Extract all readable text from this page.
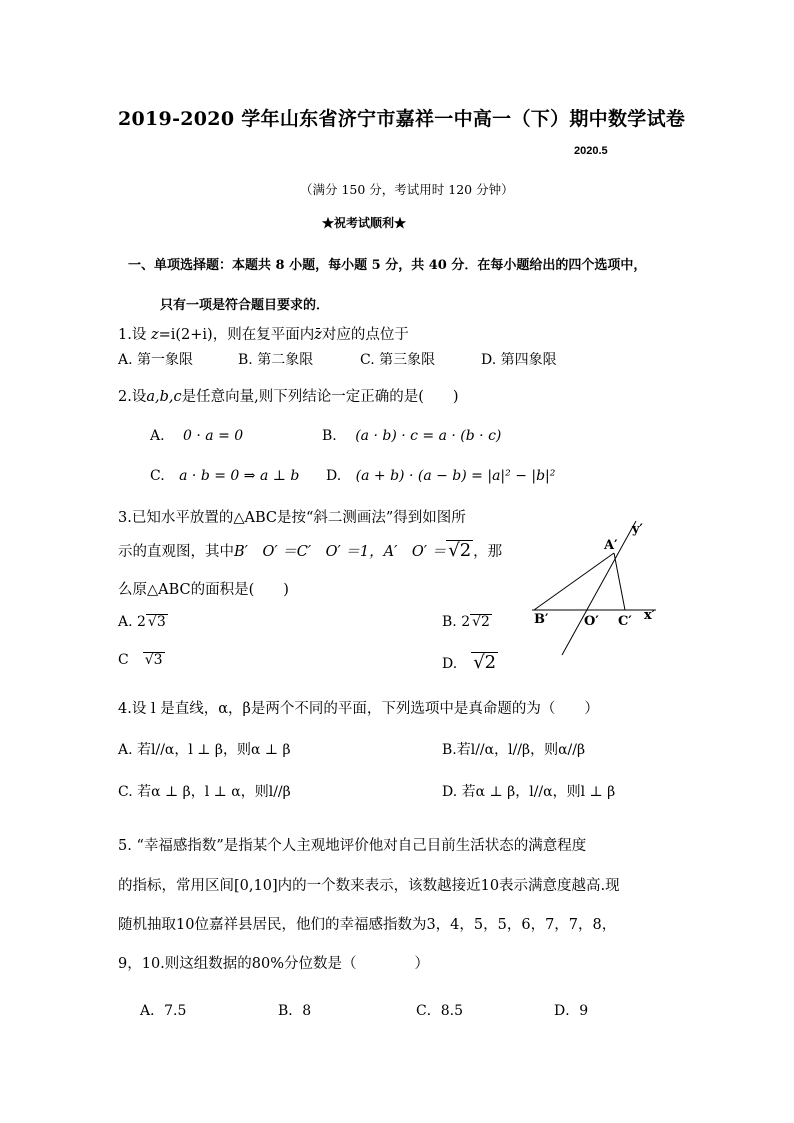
2019-2020 学年山东省济宁市嘉祥一中高一（下）期中数学试卷
2020.5
（满分 150 分，考试用时 120 分钟）
★祝考试顺利★
一、单项选择题：本题共 8 小题，每小题 5 分，共 40 分．在每小题给出的四个选项中，
只有一项是符合题目要求的．
1.设 z=i(2+i)，则在复平面内z对应的点位于
A. 第一象限	B. 第二象限	C. 第三象限	D. 第四象限
2.设a,b,c是任意向量,则下列结论一定正确的是(　　)
A. 0 · a = 0	B. (a · b) · c = a · (b · c)
C. a · b = 0 ⇒ a ⊥ b D. (a + b) · (a − b) = |a|² − |b|²
3.已知水平放置的△ABC是按“斜二测画法”得到如图所
示的直观图，其中B′　O′ ＝C′　O′ ＝1，A′　O′ ＝ √2 ，那
么原△ABC的面积是(　　)
A. 2 √3	B. 2 √2
C √3	D. √2
A′
B′	O′ C′ x′
y′
4.设 l 是直线，α，β是两个不同的平面，下列选项中是真命题的为（　　）
A. 若l//α，l ⊥ β，则α ⊥ β	B.若l//α，l//β，则α//β
C. 若α ⊥ β，l ⊥ α，则l//β	D. 若α ⊥ β，l//α，则l ⊥ β
5. “幸福感指数”是指某个人主观地评价他对自己目前生活状态的满意程度
的指标，常用区间[0,10]内的一个数来表示，该数越接近10表示满意度越高.现
随机抽取10位嘉祥县居民，他们的幸福感指数为3，4，5，5，6，7，7，8，
9，10.则这组数据的80%分位数是（　　　　）
A．7.5	B．8	C．8.5	D．9
